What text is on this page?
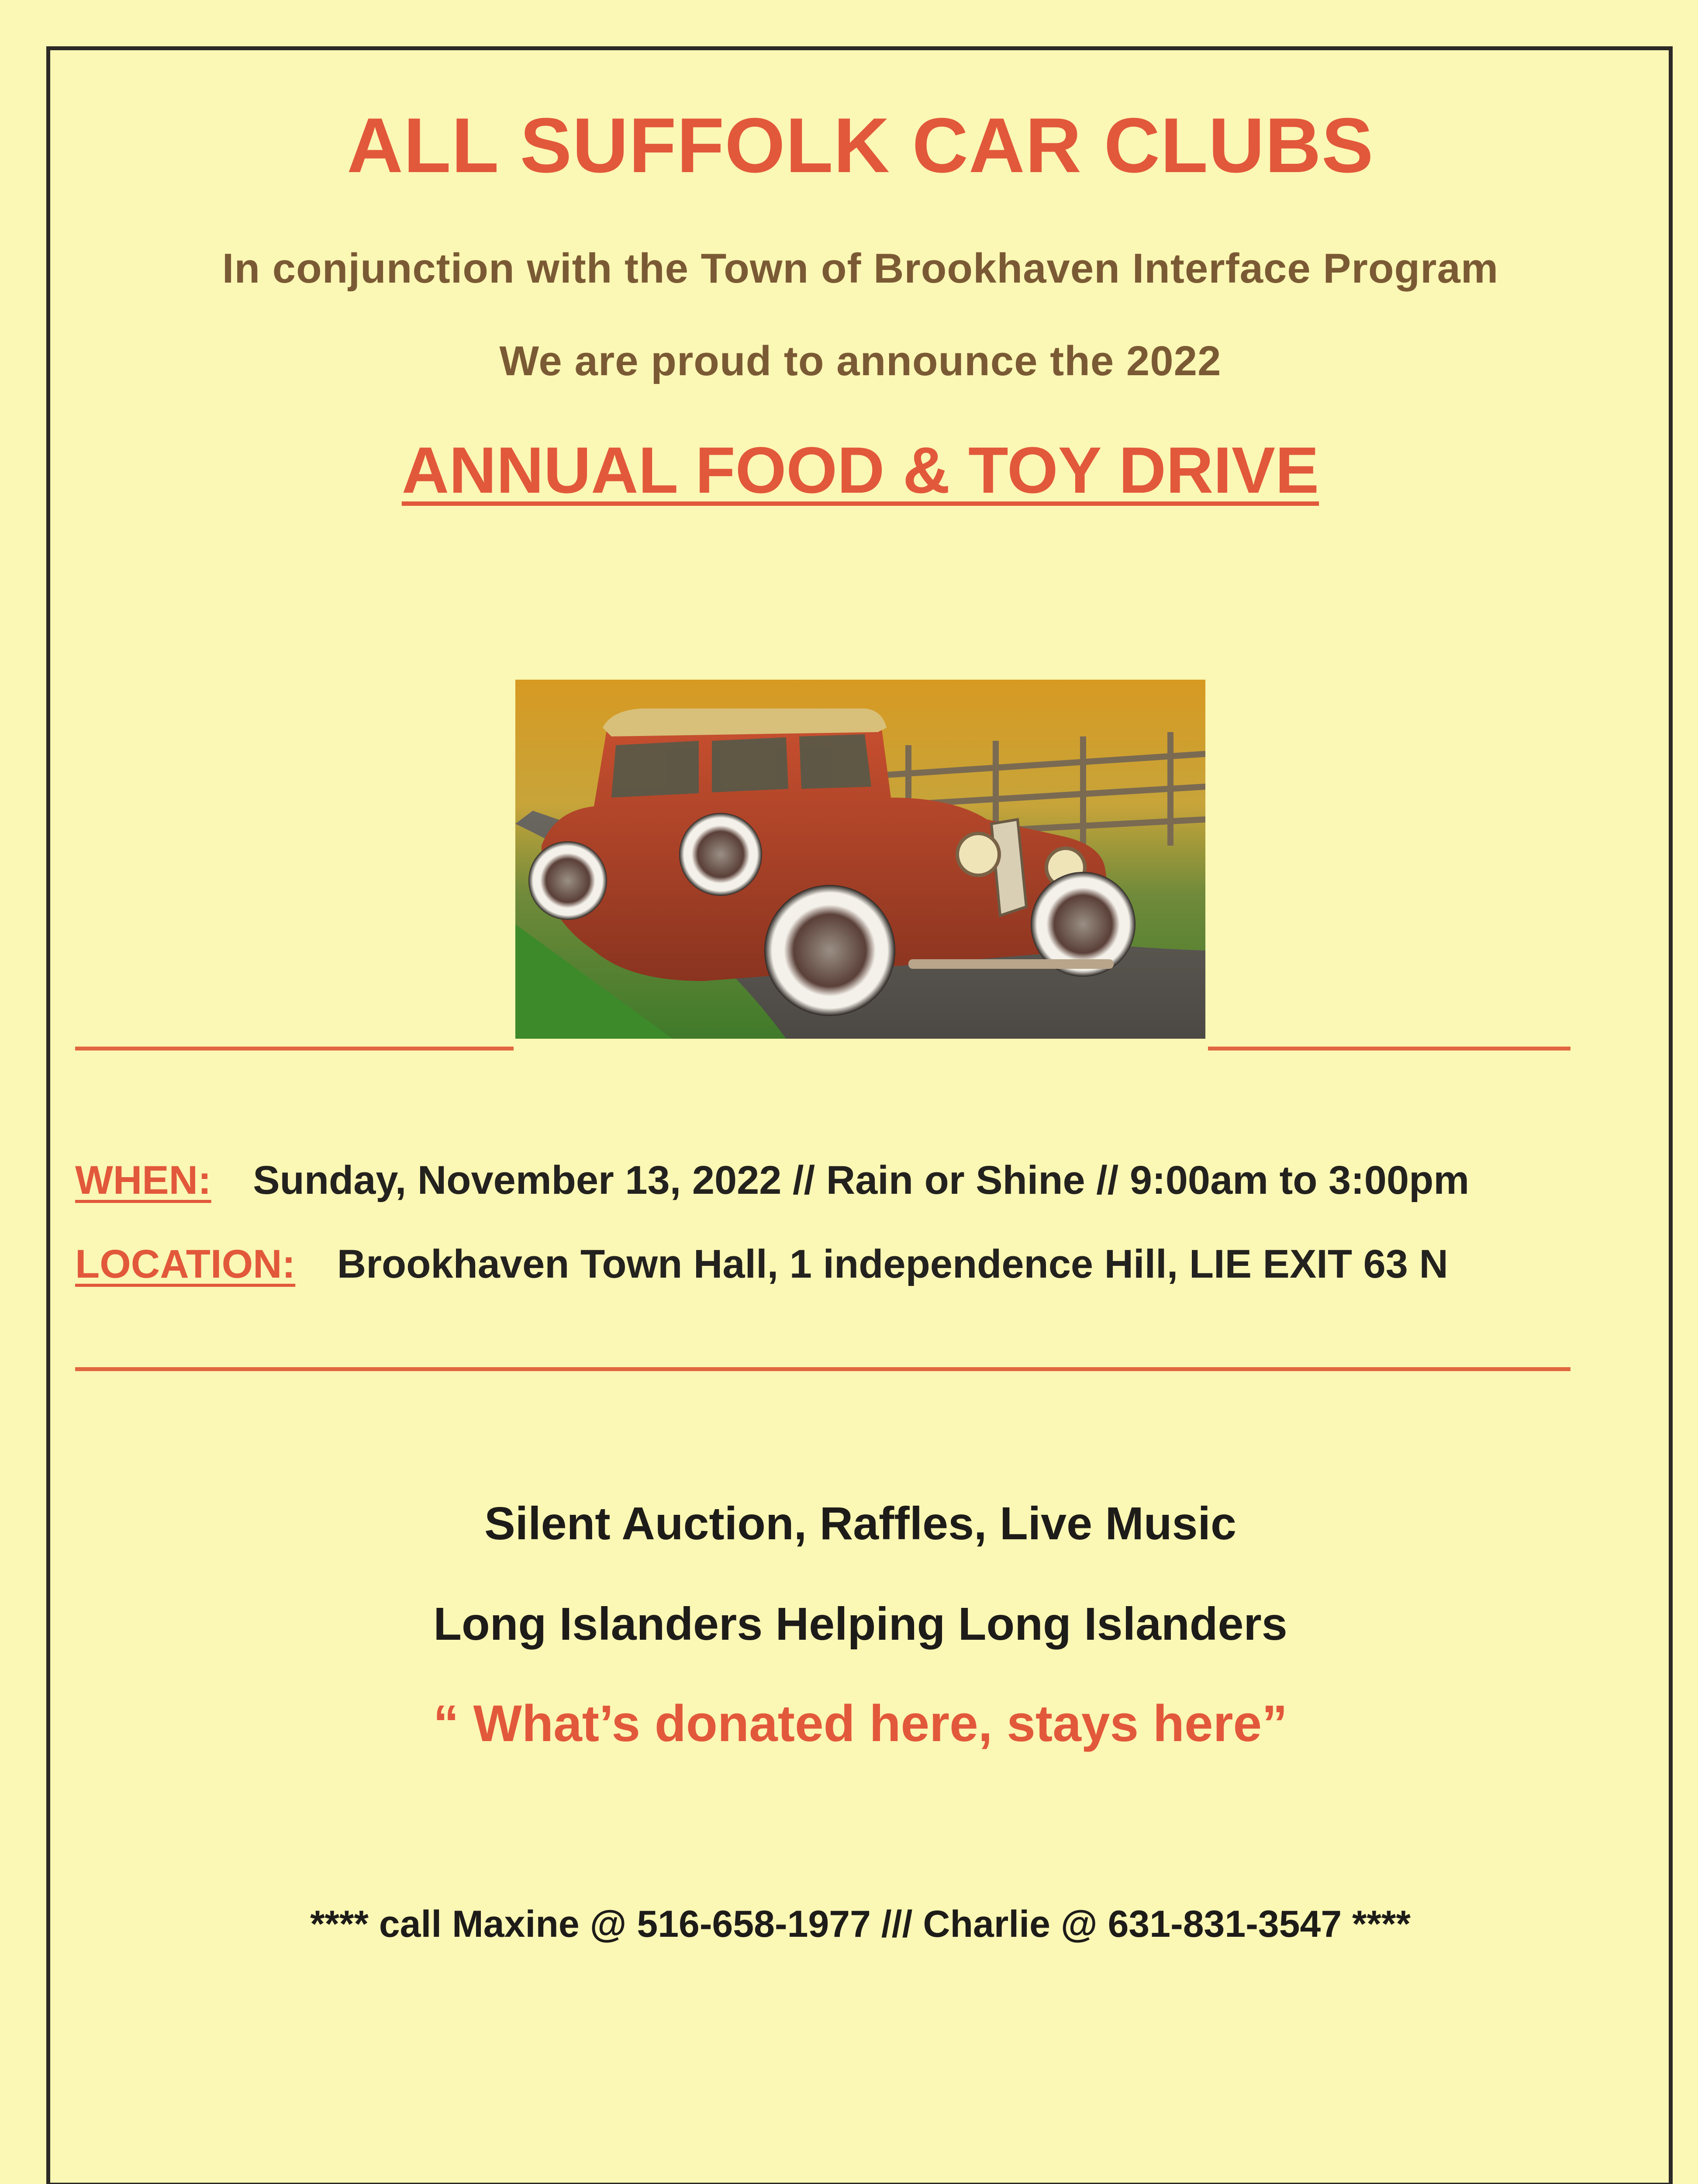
ALL SUFFOLK CAR CLUBS
In conjunction with the Town of Brookhaven Interface Program
We are proud to announce the 2022
ANNUAL FOOD & TOY DRIVE
WHEN: Sunday, November 13, 2022 // Rain or Shine // 9:00am to 3:00pm
LOCATION: Brookhaven Town Hall, 1 independence Hill, LIE EXIT 63 N
Silent Auction, Raffles, Live Music
Long Islanders Helping Long Islanders
“ What’s donated here, stays here”
**** call Maxine @ 516-658-1977 /// Charlie @ 631-831-3547 ****
